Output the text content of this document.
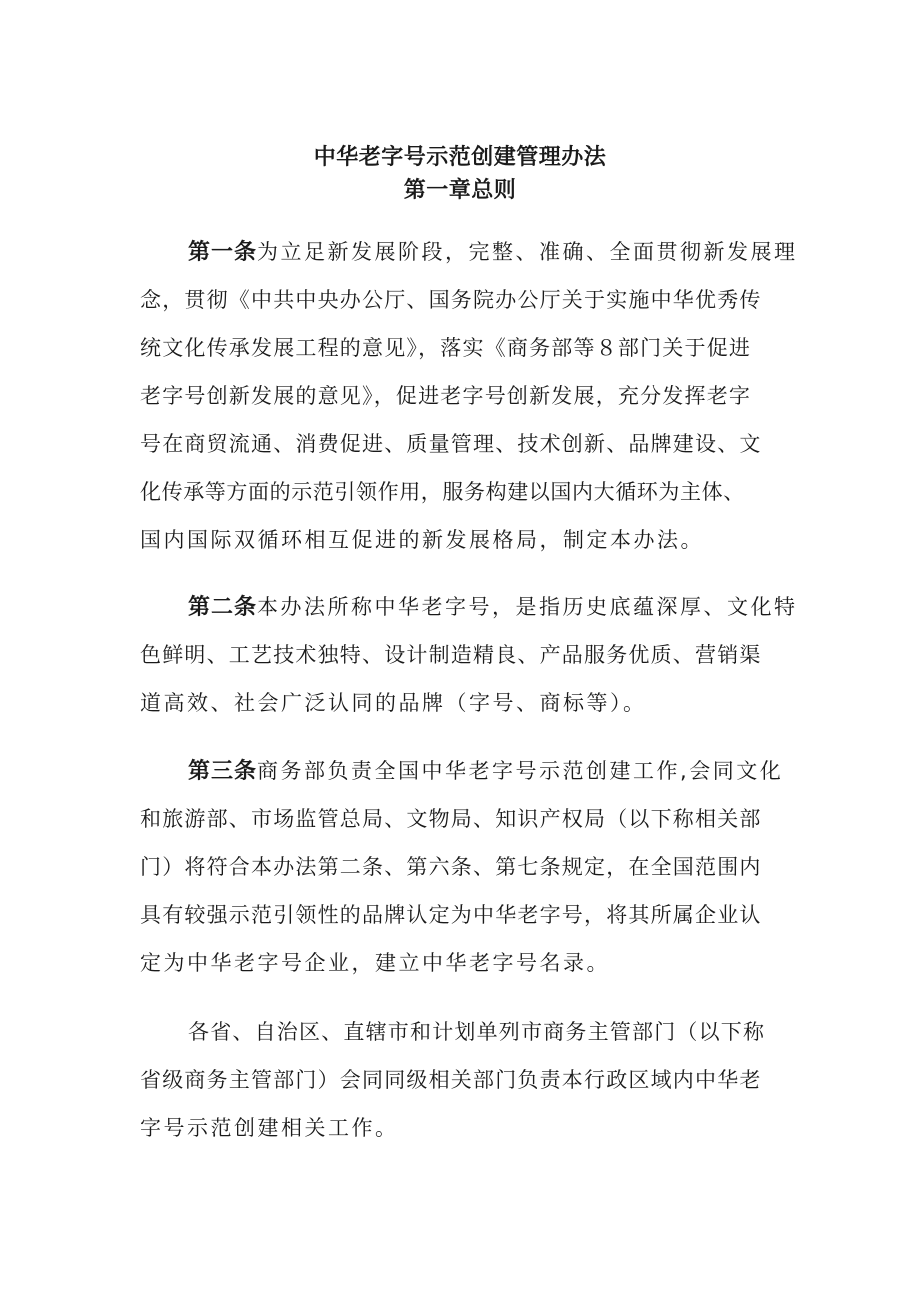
中华老字号示范创建管理办法
第一章总则
第一条为立足新发展阶段，完整、准确、全面贯彻新发展理
念，贯彻《中共中央办公厅、国务院办公厅关于实施中华优秀传
统文化传承发展工程的意见》，落实《商务部等８部门关于促进
老字号创新发展的意见》，促进老字号创新发展，充分发挥老字
号在商贸流通、消费促进、质量管理、技术创新、品牌建设、文
化传承等方面的示范引领作用，服务构建以国内大循环为主体、
国内国际双循环相互促进的新发展格局，制定本办法。
第二条本办法所称中华老字号，是指历史底蕴深厚、文化特
色鲜明、工艺技术独特、设计制造精良、产品服务优质、营销渠
道高效、社会广泛认同的品牌（字号、商标等）。
第三条商务部负责全国中华老字号示范创建工作,会同文化
和旅游部、市场监管总局、文物局、知识产权局（以下称相关部
门）将符合本办法第二条、第六条、第七条规定，在全国范围内
具有较强示范引领性的品牌认定为中华老字号，将其所属企业认
定为中华老字号企业，建立中华老字号名录。
各省、自治区、直辖市和计划单列市商务主管部门（以下称
省级商务主管部门）会同同级相关部门负责本行政区域内中华老
字号示范创建相关工作。
